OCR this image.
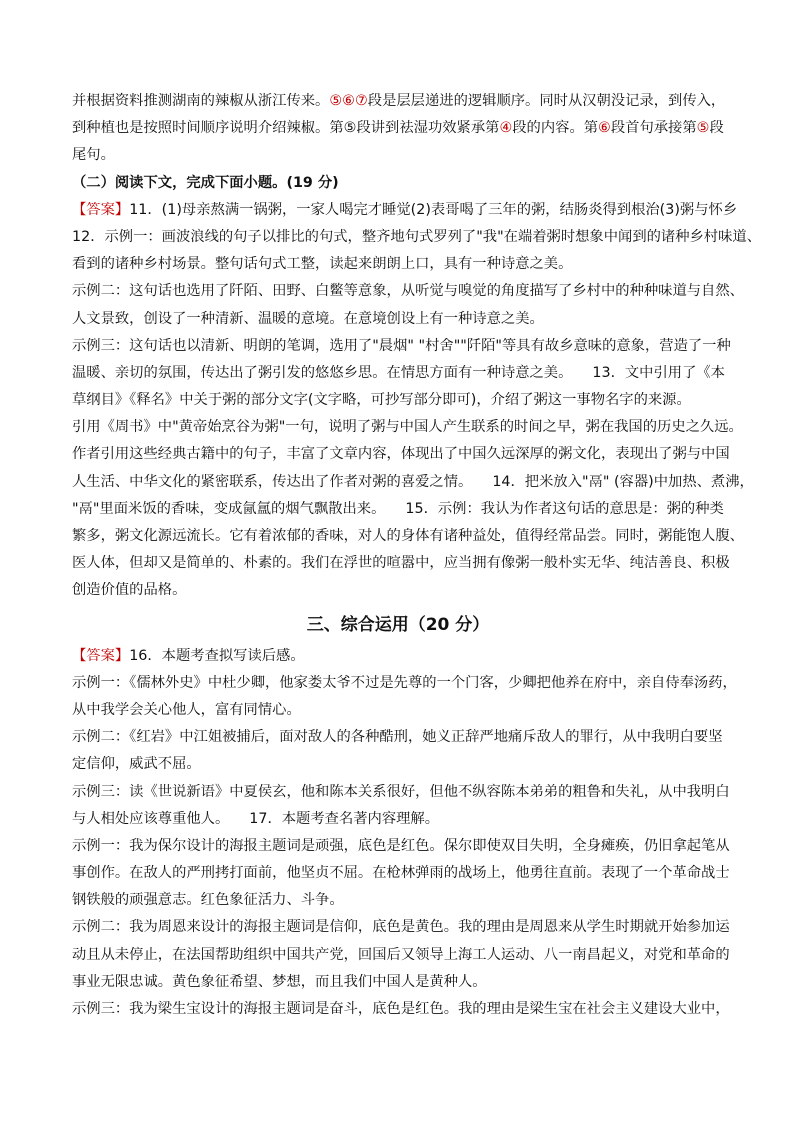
并根据资料推测湖南的辣椒从浙江传来。⑤⑥⑦段是层层递进的逻辑顺序。同时从汉朝没记录，到传入，
到种植也是按照时间顺序说明介绍辣椒。第⑤段讲到祛湿功效紧承第④段的内容。第⑥段首句承接第⑤段
尾句。
（二）阅读下文，完成下面小题。(19 分)
【答案】11．(1)母亲熬满一锅粥，一家人喝完才睡觉(2)表哥喝了三年的粥，结肠炎得到根治(3)粥与怀乡
12．示例一：画波浪线的句子以排比的句式，整齐地句式罗列了"我"在端着粥时想象中闻到的诸种乡村味道、
看到的诸种乡村场景。整句话句式工整，读起来朗朗上口，具有一种诗意之美。
示例二：这句话也选用了阡陌、田野、白鳖等意象，从听觉与嗅觉的角度描写了乡村中的种种味道与自然、
人文景致，创设了一种清新、温暖的意境。在意境创设上有一种诗意之美。
示例三：这句话也以清新、明朗的笔调，选用了"晨烟" "村舍""阡陌"等具有故乡意味的意象，营造了一种
温暖、亲切的氛围，传达出了粥引发的悠悠乡思。在情思方面有一种诗意之美。 13．文中引用了《本
草纲目》《释名》中关于粥的部分文字(文字略，可抄写部分即可)，介绍了粥这一事物名字的来源。
引用《周书》中"黄帝始烹谷为粥"一句，说明了粥与中国人产生联系的时间之早，粥在我国的历史之久远。
作者引用这些经典古籍中的句子，丰富了文章内容，体现出了中国久远深厚的粥文化，表现出了粥与中国
人生活、中华文化的紧密联系，传达出了作者对粥的喜爱之情。 14．把米放入"鬲" (容器)中加热、煮沸，
"鬲"里面米饭的香味，变成氤氲的烟气飘散出来。 15．示例：我认为作者这句话的意思是：粥的种类
繁多，粥文化源远流长。它有着浓郁的香味，对人的身体有诸种益处，值得经常品尝。同时，粥能饱人腹、
医人体，但却又是简单的、朴素的。我们在浮世的喧嚣中，应当拥有像粥一般朴实无华、纯洁善良、积极
创造价值的品格。
三、综合运用（20 分）
【答案】16．本题考查拟写读后感。
示例一：《儒林外史》中杜少卿，他家娄太爷不过是先尊的一个门客，少卿把他养在府中，亲自侍奉汤药，
从中我学会关心他人，富有同情心。
示例二：《红岩》中江姐被捕后，面对敌人的各种酷刑，她义正辞严地痛斥敌人的罪行，从中我明白要坚
定信仰，威武不屈。
示例三：读《世说新语》中夏侯玄，他和陈本关系很好，但他不纵容陈本弟弟的粗鲁和失礼，从中我明白
与人相处应该尊重他人。 17．本题考查名著内容理解。
示例一：我为保尔设计的海报主题词是顽强，底色是红色。保尔即使双目失明，全身瘫痪，仍旧拿起笔从
事创作。在敌人的严刑拷打面前，他坚贞不屈。在枪林弹雨的战场上，他勇往直前。表现了一个革命战士
钢铁般的顽强意志。红色象征活力、斗争。
示例二：我为周恩来设计的海报主题词是信仰，底色是黄色。我的理由是周恩来从学生时期就开始参加运
动且从未停止，在法国帮助组织中国共产党，回国后又领导上海工人运动、八一南昌起义，对党和革命的
事业无限忠诚。黄色象征希望、梦想，而且我们中国人是黄种人。
示例三：我为梁生宝设计的海报主题词是奋斗，底色是红色。我的理由是梁生宝在社会主义建设大业中，
